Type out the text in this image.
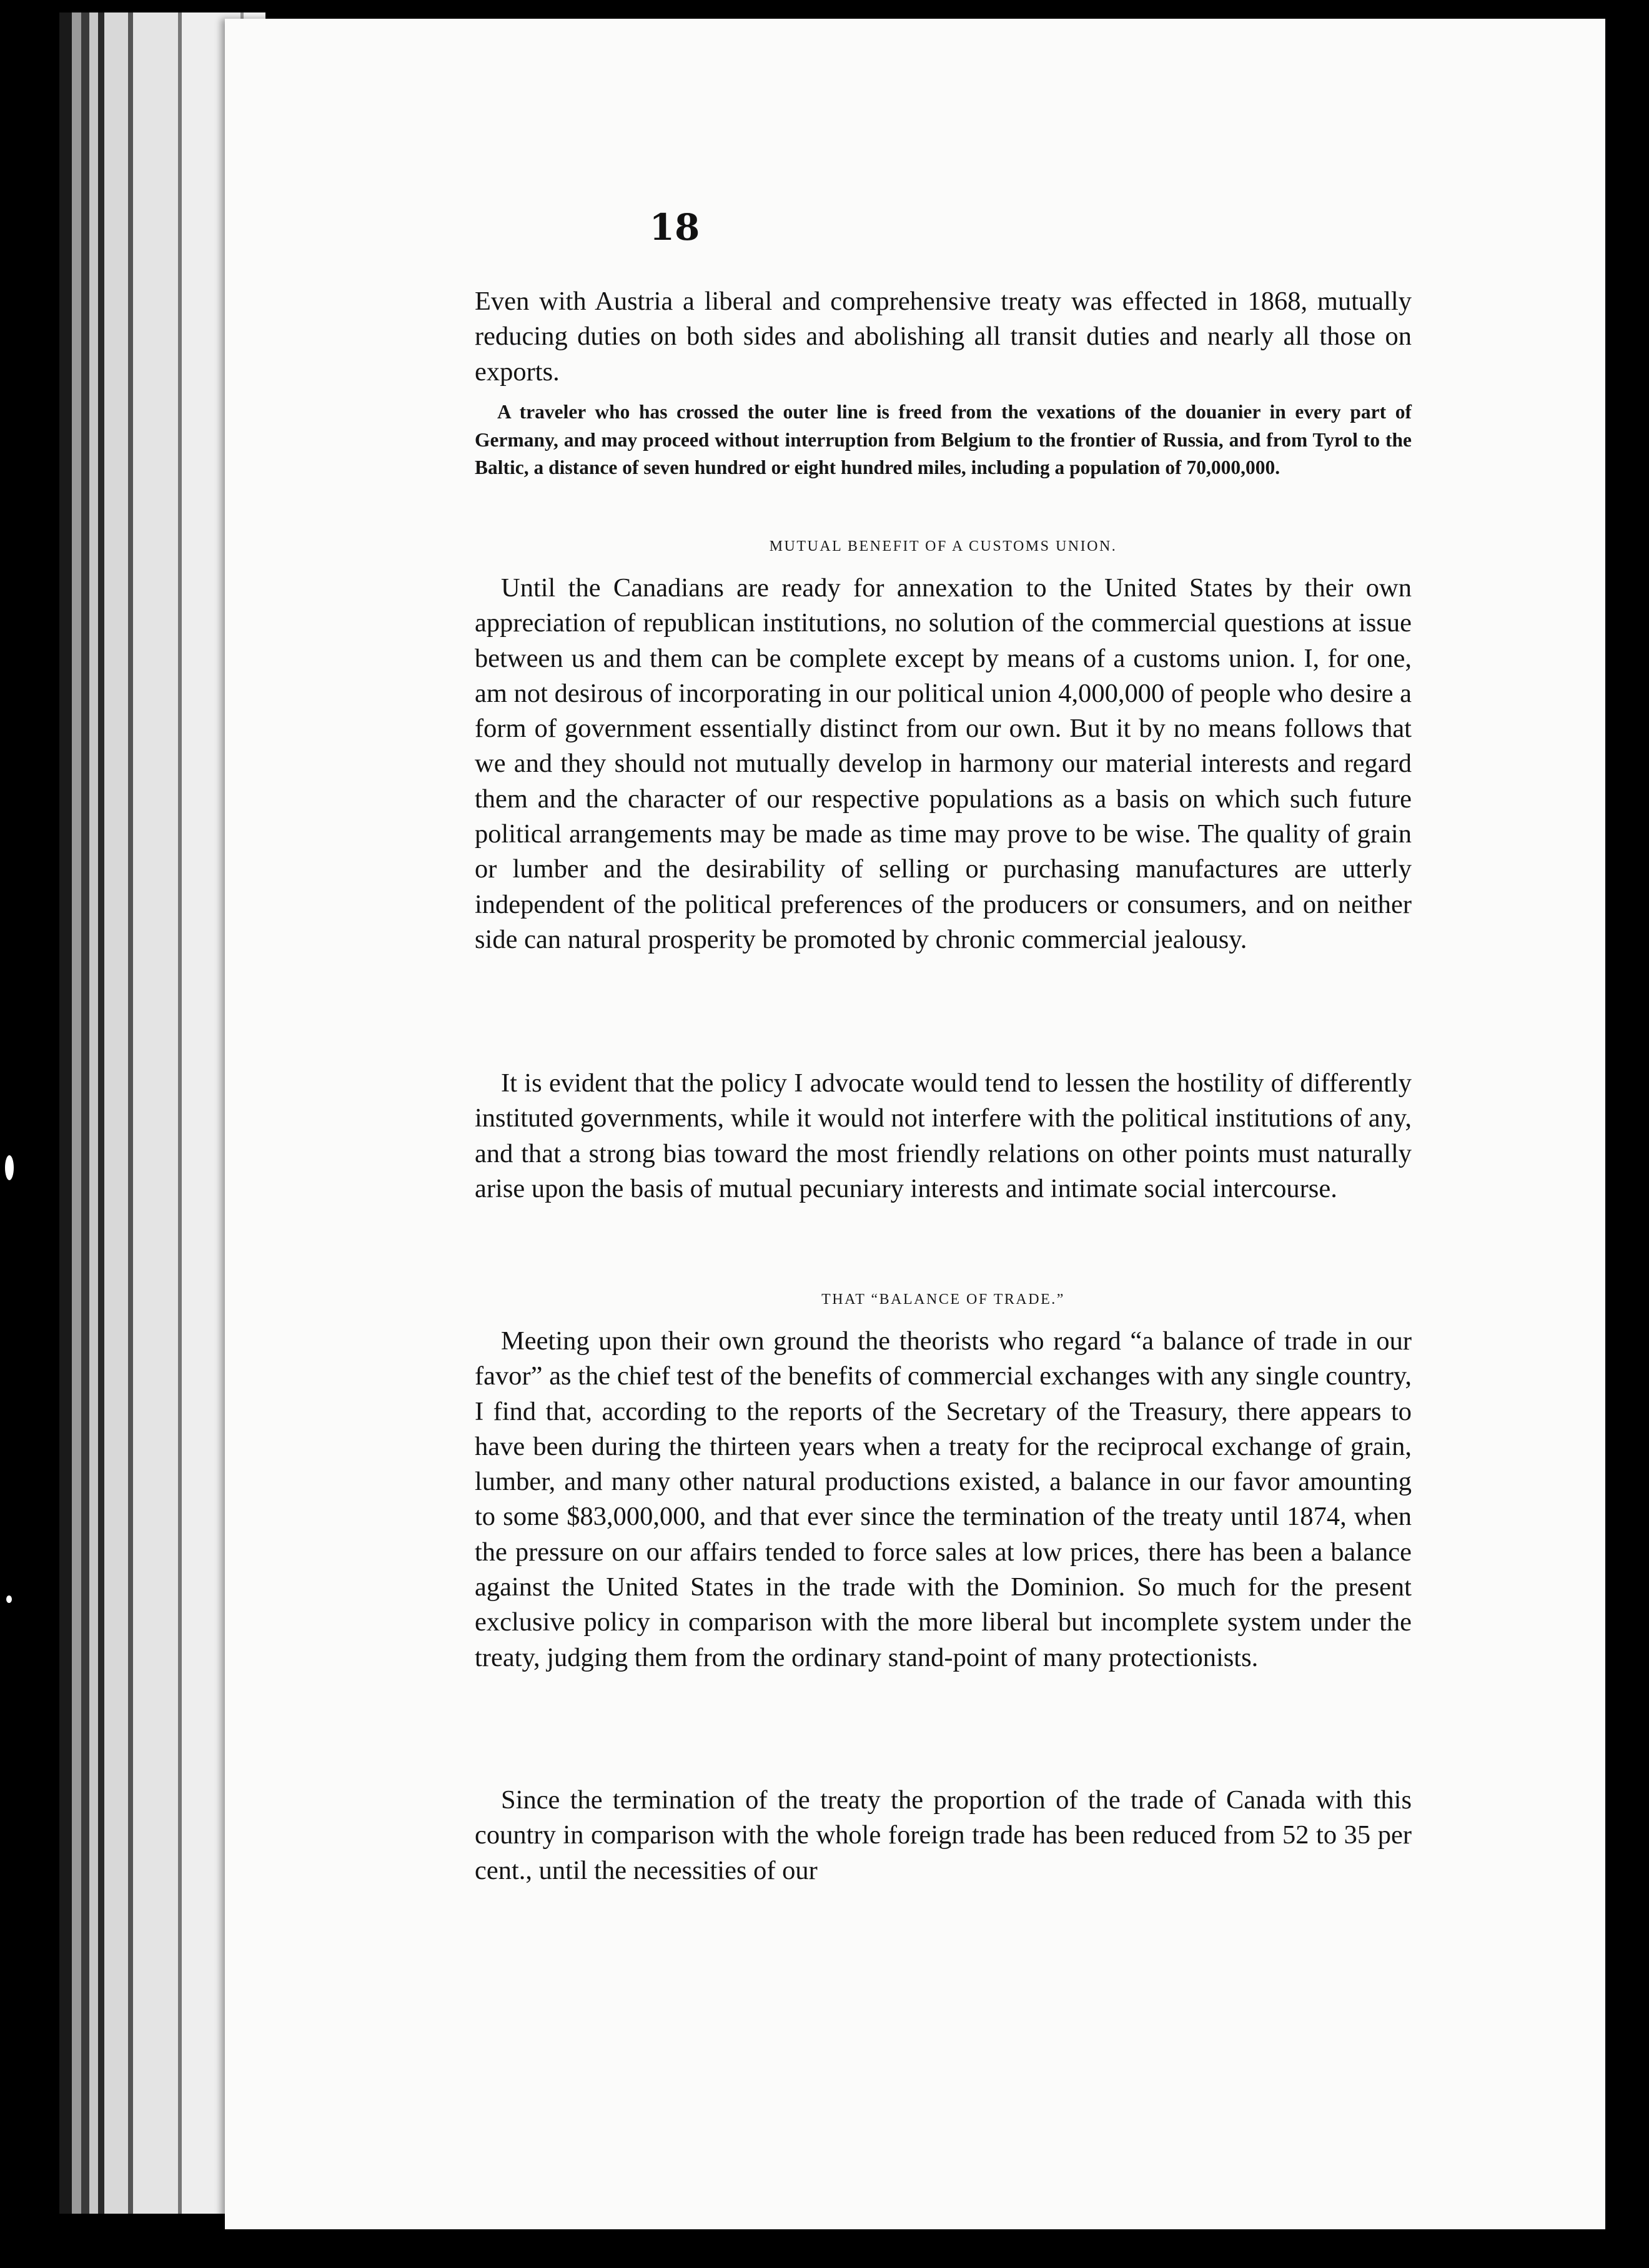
18

Even with Austria a liberal and comprehensive treaty was effected in 1868, mutually reducing duties on both sides and abolishing all transit duties and nearly all those on exports.

A traveler who has crossed the outer line is freed from the vexations of the douanier in every part of Germany, and may proceed without interruption from Belgium to the frontier of Russia, and from Tyrol to the Baltic, a distance of seven hundred or eight hundred miles, including a population of 70,000,000.

MUTUAL BENEFIT OF A CUSTOMS UNION.

Until the Canadians are ready for annexation to the United States by their own appreciation of republican institutions, no solution of the commercial questions at issue between us and them can be complete except by means of a customs union. I, for one, am not desirous of incorporating in our political union 4,000,000 of people who desire a form of government essentially distinct from our own. But it by no means follows that we and they should not mutually develop in harmony our material interests and regard them and the character of our respective populations as a basis on which such future political arrangements may be made as time may prove to be wise. The quality of grain or lumber and the desirability of selling or purchasing manufactures are utterly independent of the political preferences of the producers or consumers, and on neither side can natural prosperity be promoted by chronic commercial jealousy.

It is evident that the policy I advocate would tend to lessen the hostility of differently instituted governments, while it would not interfere with the political institutions of any, and that a strong bias toward the most friendly relations on other points must naturally arise upon the basis of mutual pecuniary interests and intimate social intercourse.

THAT “BALANCE OF TRADE.”

Meeting upon their own ground the theorists who regard “a balance of trade in our favor” as the chief test of the benefits of commercial exchanges with any single country, I find that, according to the reports of the Secretary of the Treasury, there appears to have been during the thirteen years when a treaty for the reciprocal exchange of grain, lumber, and many other natural productions existed, a balance in our favor amounting to some $83,000,000, and that ever since the termination of the treaty until 1874, when the pressure on our affairs tended to force sales at low prices, there has been a balance against the United States in the trade with the Dominion. So much for the present exclusive policy in comparison with the more liberal but incomplete system under the treaty, judging them from the ordinary stand-point of many protectionists.

Since the termination of the treaty the proportion of the trade of Canada with this country in comparison with the whole foreign trade has been reduced from 52 to 35 per cent., until the necessities of our
